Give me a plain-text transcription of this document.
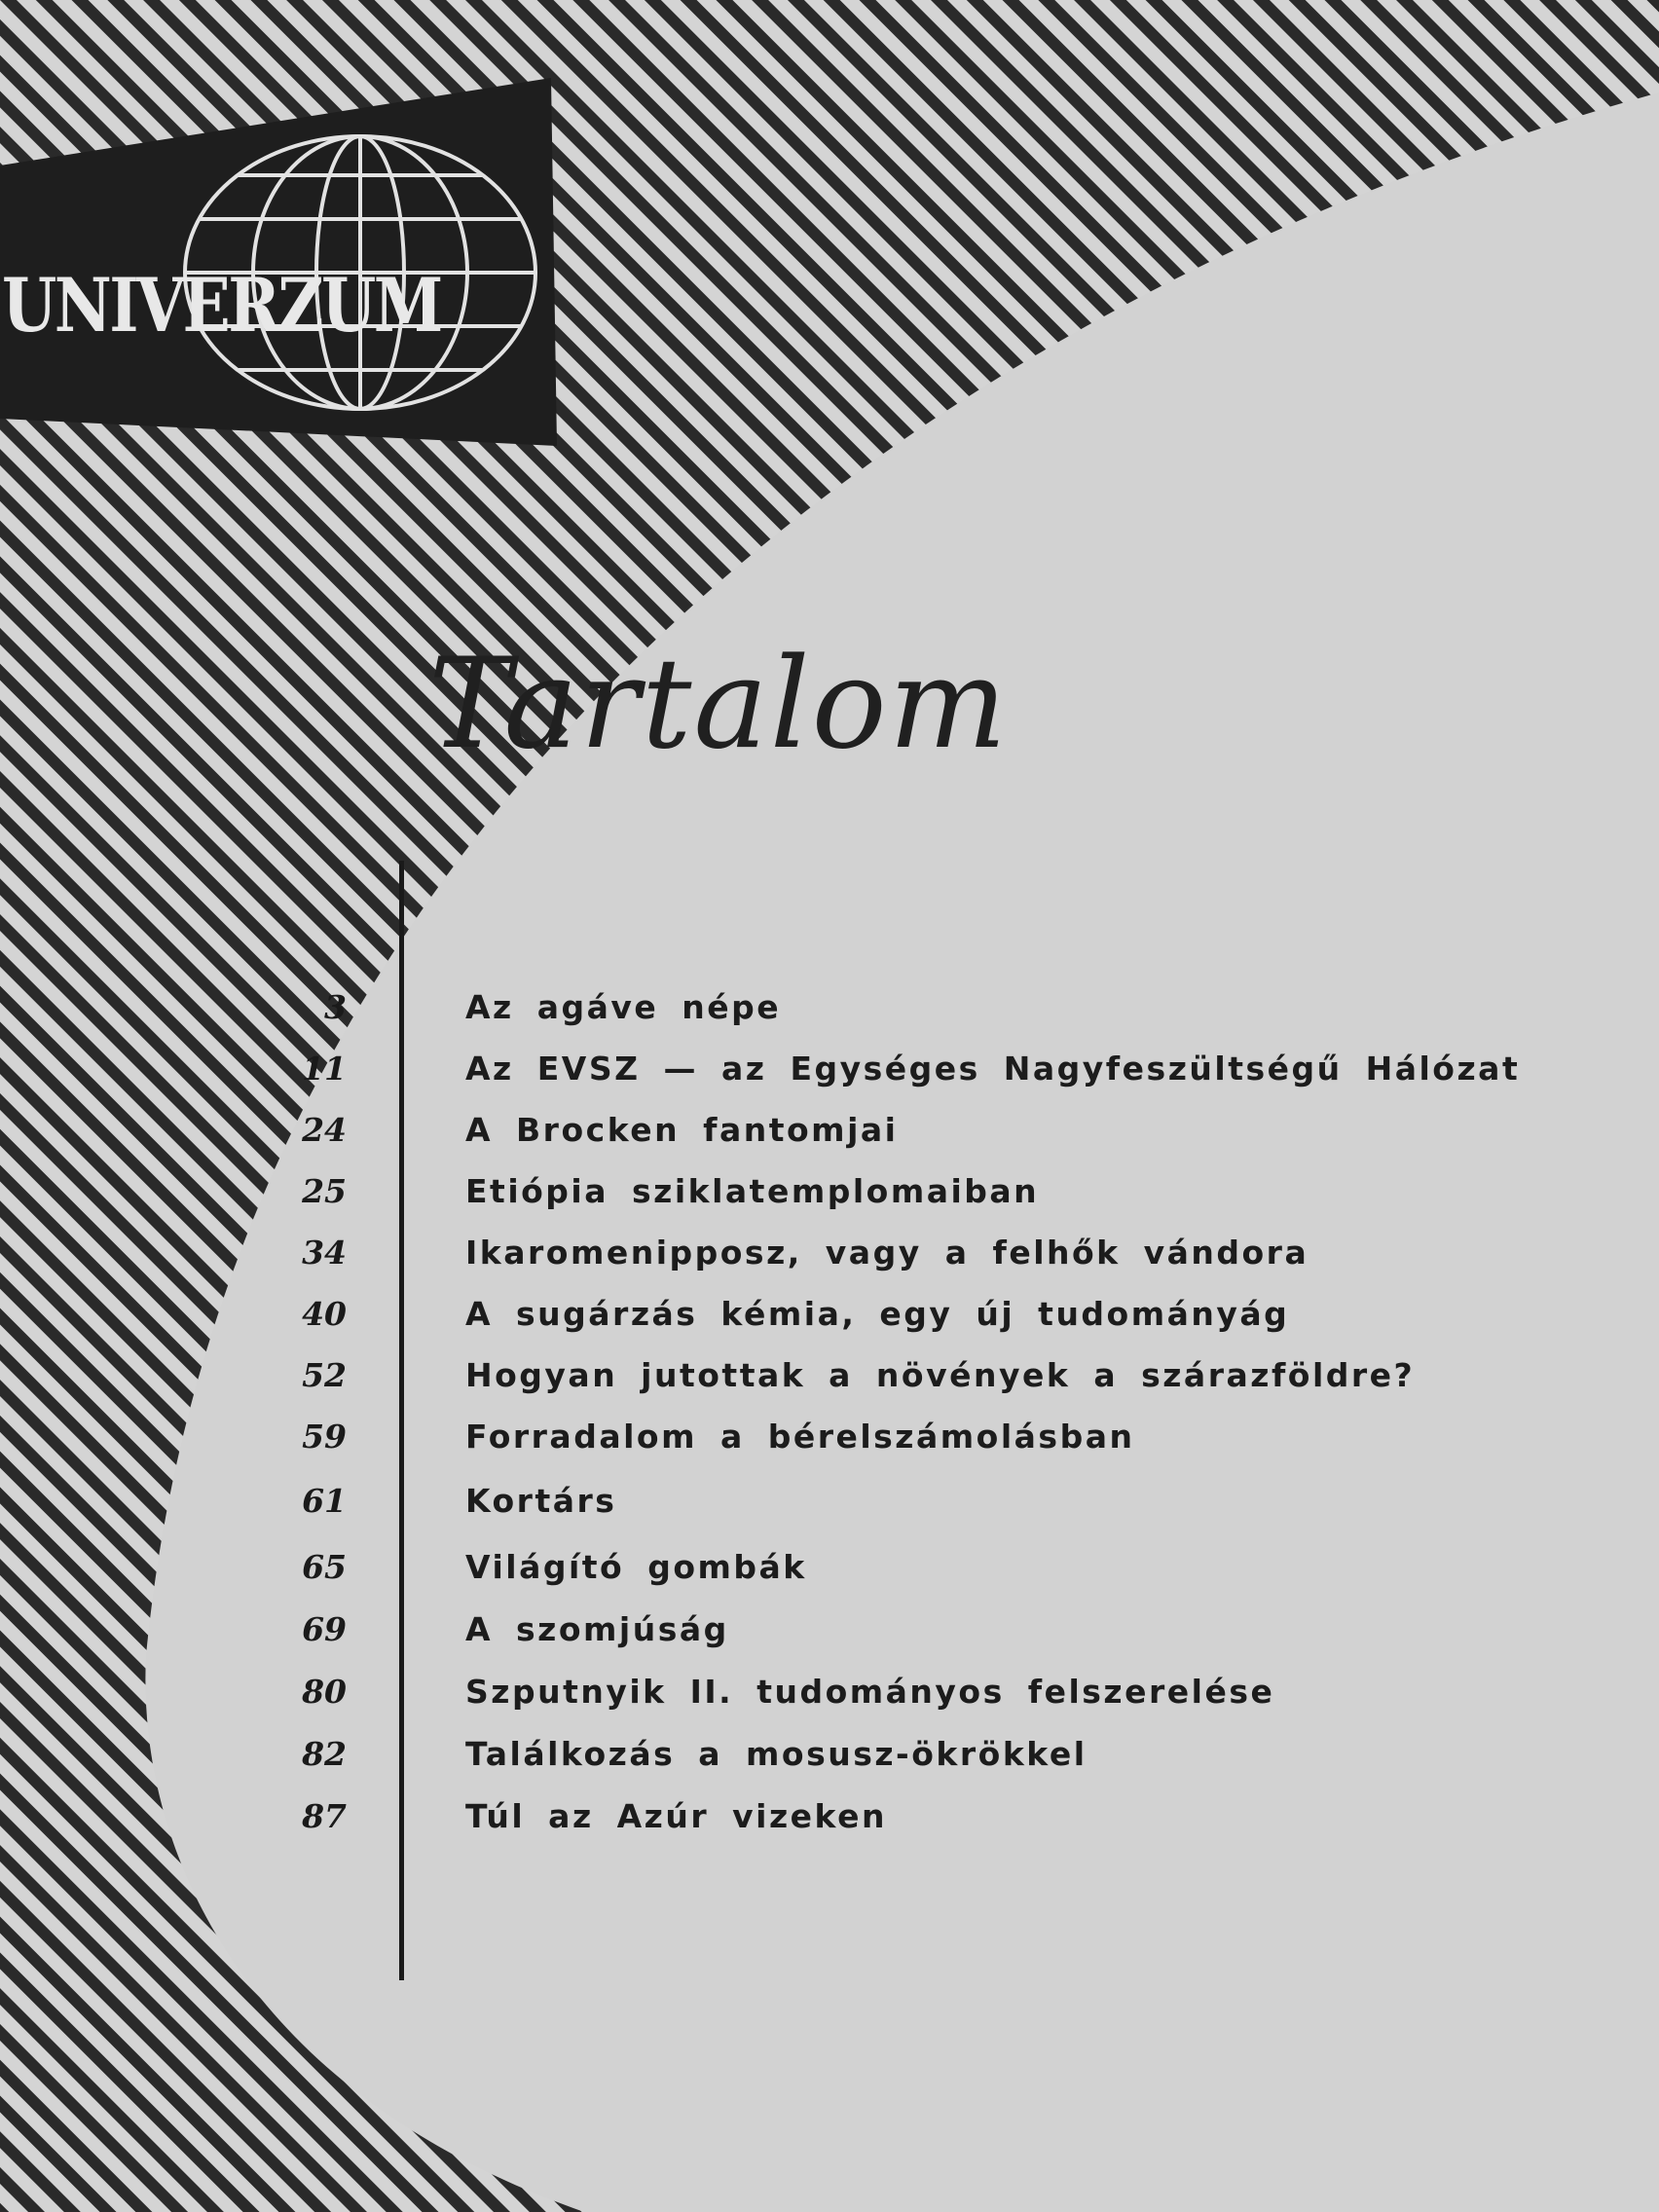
UNIVERZUM
Tartalom
3	Az agáve népe
11	Az EVSZ — az Egységes Nagyfeszültségű Hálózat
24	A Brocken fantomjai
25	Etiópia sziklatemplomaiban
34	Ikaromenipposz, vagy a felhők vándora
40	A sugárzás kémia, egy új tudományág
52	Hogyan jutottak a növények a szárazföldre?
59	Forradalom a bérelszámolásban
61	Kortárs
65	Világító gombák
69	A szomjúság
80	Szputnyik II. tudományos felszerelése
82	Találkozás a mosusz-ökrökkel
87	Túl az Azúr vizeken
